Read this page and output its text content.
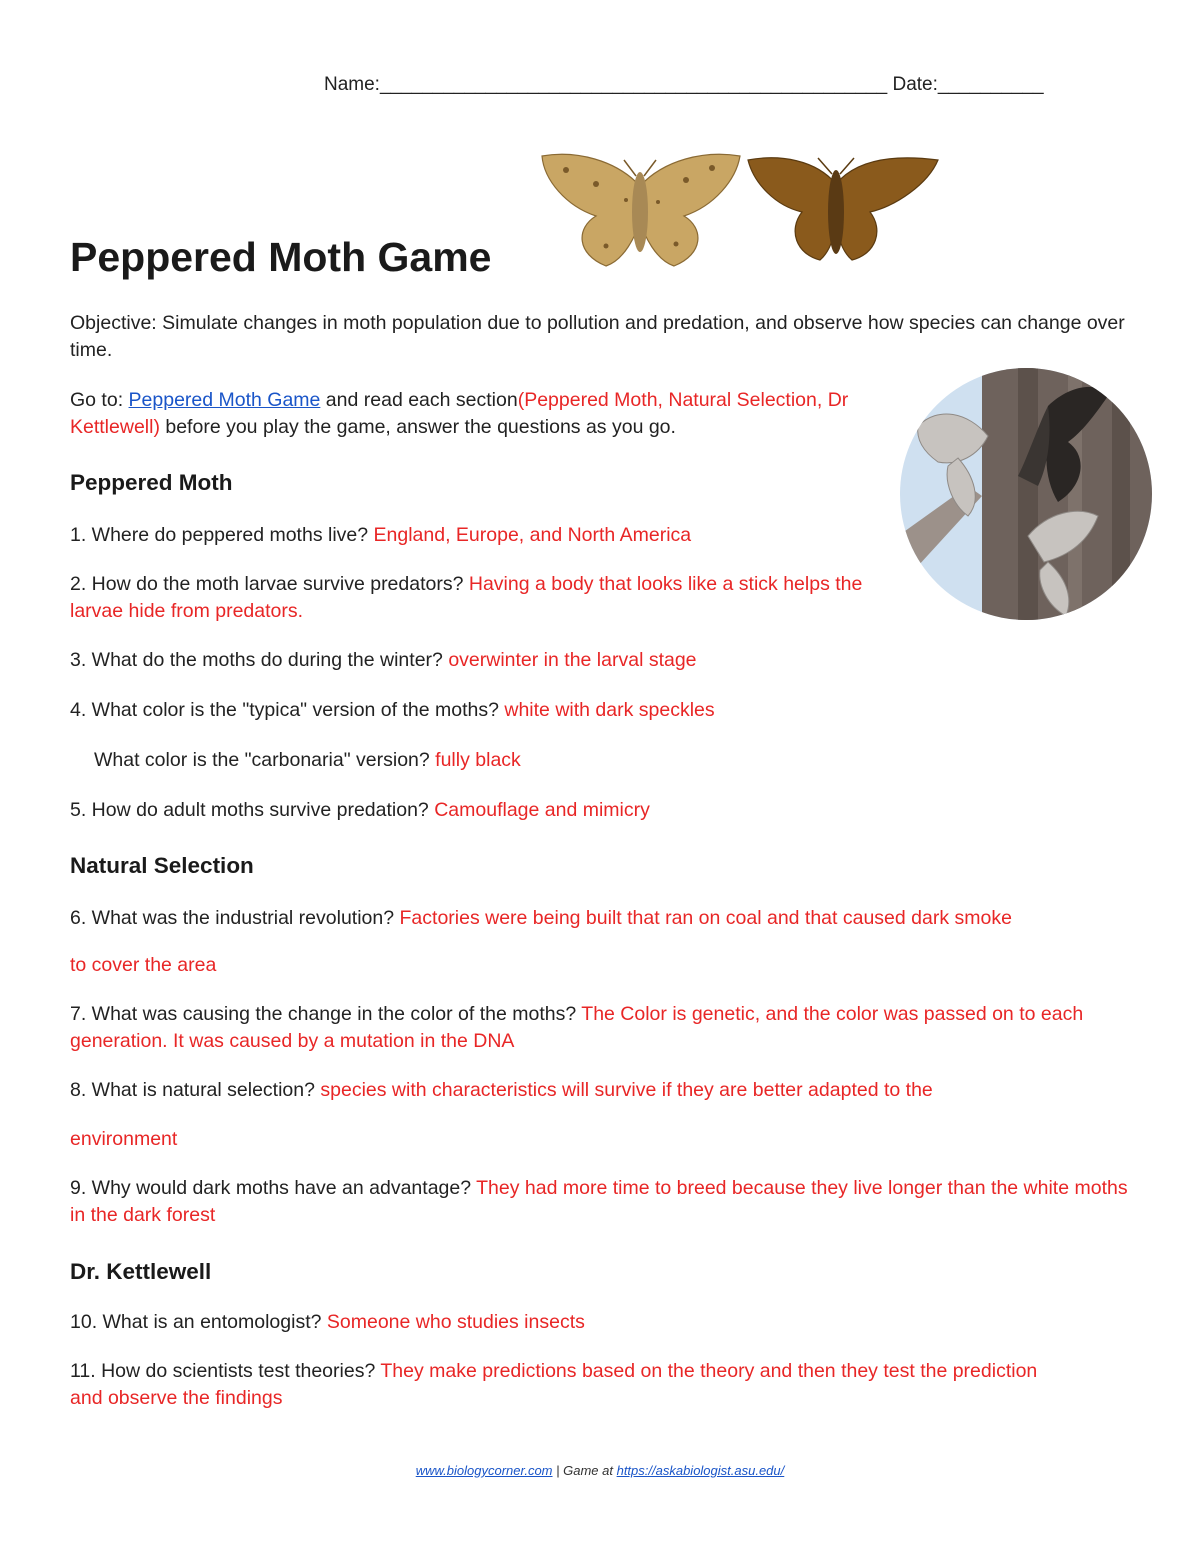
Name:________________________________________________ Date:__________
Peppered Moth Game
Objective: Simulate changes in moth population due to pollution and predation, and observe how species can change over time.
Go to: Peppered Moth Game and read each section(Peppered Moth, Natural Selection, Dr Kettlewell) before you play the game, answer the questions as you go.
Peppered Moth
1. Where do peppered moths live? England, Europe, and North America
2. How do the moth larvae survive predators? Having a body that looks like a stick helps the larvae hide from predators.
3. What do the moths do during the winter? overwinter in the larval stage
4. What color is the "typica" version of the moths? white with dark speckles
What color is the "carbonaria" version? fully black
5. How do adult moths survive predation? Camouflage and mimicry
Natural Selection
6. What was the industrial revolution? Factories were being built that ran on coal and that caused dark smoke
to cover the area
7. What was causing the change in the color of the moths? The Color is genetic, and the color was passed on to each generation. It was caused by a mutation in the DNA
8. What is natural selection? species with characteristics will survive if they are better adapted to the
environment
9. Why would dark moths have an advantage? They had more time to breed because they live longer than the white moths in the dark forest
Dr. Kettlewell
10. What is an entomologist? Someone who studies insects
11. How do scientists test theories? They make predictions based on the theory and then they test the prediction and observe the findings
www.biologycorner.com | Game at https://askabiologist.asu.edu/
